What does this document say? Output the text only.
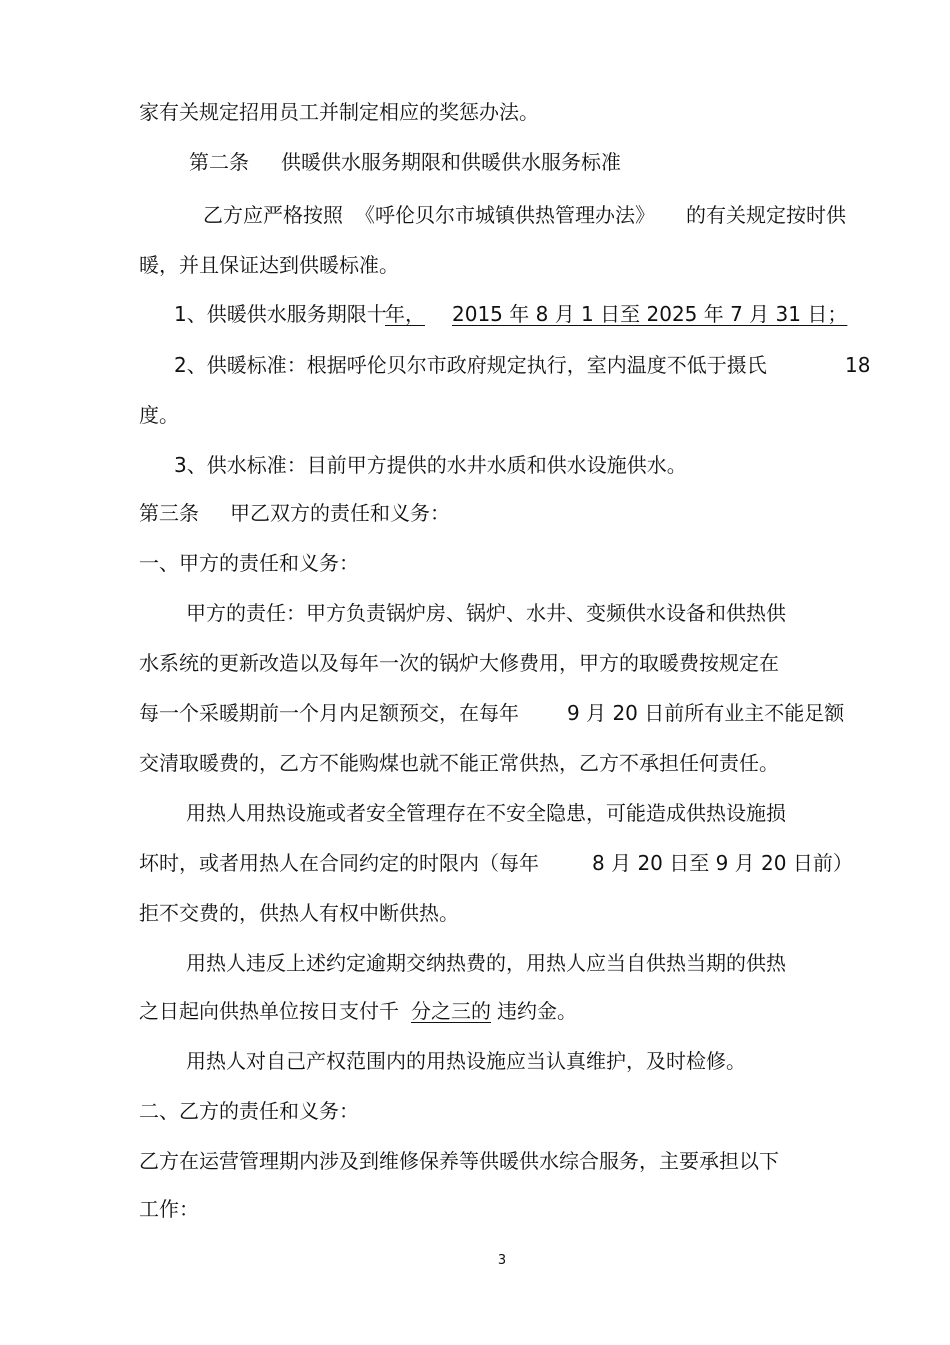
家有关规定招用员工并制定相应的奖惩办法。
第二条 供暖供水服务期限和供暖供水服务标准
乙方应严格按照 《呼伦贝尔市城镇供热管理办法》 的有关规定按时供
暖，并且保证达到供暖标准。
1、供暖供水服务期限十
年， 2015 年 8 月 1 日至 2025 年 7 月 31 日；
2、供暖标准：根据呼伦贝尔市政府规定执行，室内温度不低于摄氏	18
度。
3、供水标准：目前甲方提供的水井水质和供水设施供水。
第三条 甲乙双方的责任和义务：
一、甲方的责任和义务：
甲方的责任：甲方负责锅炉房、锅炉、水井、变频供水设备和供热供
水系统的更新改造以及每年一次的锅炉大修费用，甲方的取暖费按规定在
每一个采暖期前一个月内足额预交，在每年 9 月 20 日前所有业主不能足额
交清取暖费的，乙方不能购煤也就不能正常供热，乙方不承担任何责任。
用热人用热设施或者安全管理存在不安全隐患，可能造成供热设施损
坏时，或者用热人在合同约定的时限内（每年	8 月 20 日至 9 月 20 日前）
拒不交费的，供热人有权中断供热。
用热人违反上述约定逾期交纳热费的，用热人应当自供热当期的供热
之日起向供热单位按日支付千 分之三的 违约金。
用热人对自己产权范围内的用热设施应当认真维护，及时检修。
二、乙方的责任和义务：
乙方在运营管理期内涉及到维修保养等供暖供水综合服务，主要承担以下
工作：
3
